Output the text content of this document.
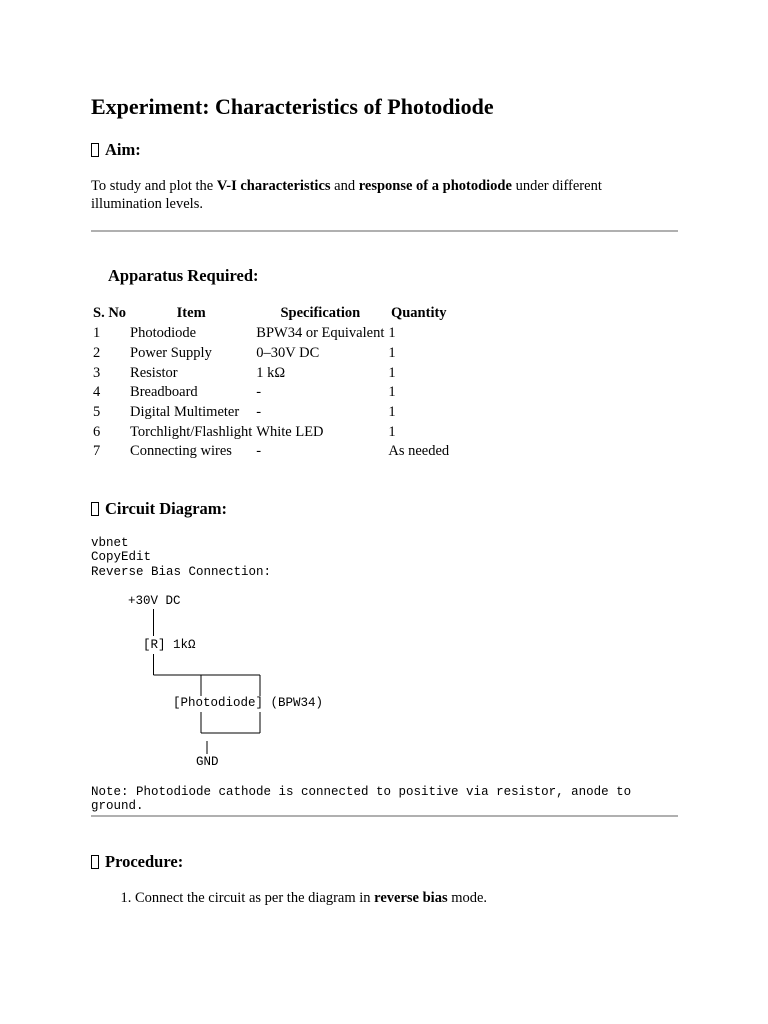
Experiment: Characteristics of Photodiode
Aim:

To study and plot the V-I characteristics and response of a photodiode under different illumination levels.

Apparatus Required:
S. No	Item	Specification	Quantity
1	Photodiode	BPW34 or Equivalent	1
2	Power Supply	0–30V DC	1
3	Resistor	1 kΩ	1
4	Breadboard	-	1
5	Digital Multimeter	-	1
6	Torchlight/Flashlight	White LED	1
7	Connecting wires	-	As needed
Circuit Diagram:
vbnet
CopyEdit
Reverse Bias Connection:
+30V DC
[R] 1kΩ
[Photodiode] (BPW34)
GND
Note: Photodiode cathode is connected to positive via resistor, anode to
ground.
Procedure:
1. Connect the circuit as per the diagram in reverse bias mode.
